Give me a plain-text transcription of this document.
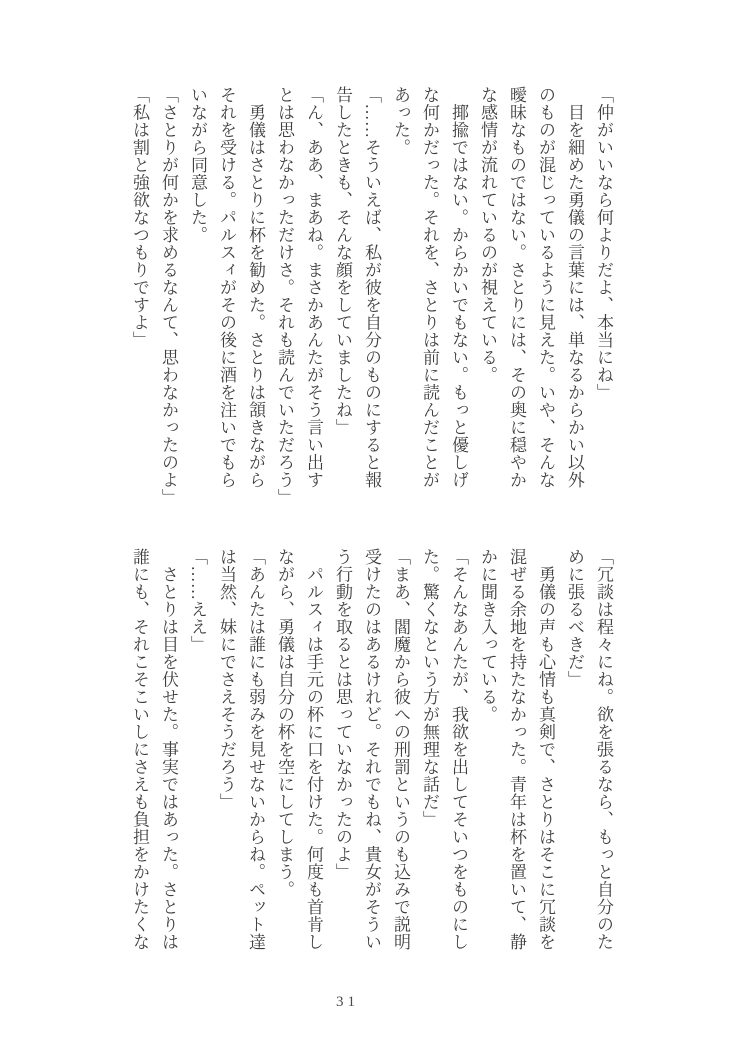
「仲がいいなら何よりだよ、本当にね」
　目を細めた勇儀の言葉には、単なるからかい以外
のものが混じっているように見えた。いや、そんな
曖昧なものではない。さとりには、その奥に穏やか
な感情が流れているのが視えている。
　揶揄ではない。からかいでもない。もっと優しげ
な何かだった。それを、さとりは前に読んだことが
あった。
「……そういえば、私が彼を自分のものにすると報
告したときも、そんな顔をしていましたね」
「ん、ああ、まあね。まさかあんたがそう言い出す
とは思わなかっただけさ。それも読んでいただろう」
　勇儀はさとりに杯を勧めた。さとりは頷きながら
それを受ける。パルスィがその後に酒を注いでもら
いながら同意した。
「さとりが何かを求めるなんて、思わなかったのよ」
「私は割と強欲なつもりですよ」
「冗談は程々にね。欲を張るなら、もっと自分のた
めに張るべきだ」
　勇儀の声も心情も真剣で、さとりはそこに冗談を
混ぜる余地を持たなかった。青年は杯を置いて、静
かに聞き入っている。
「そんなあんたが、我欲を出してそいつをものにし
た。驚くなという方が無理な話だ」
「まあ、閻魔から彼への刑罰というのも込みで説明
受けたのはあるけれど。それでもね、貴女がそうい
う行動を取るとは思っていなかったのよ」
　パルスィは手元の杯に口を付けた。何度も首肯し
ながら、勇儀は自分の杯を空にしてしまう。
「あんたは誰にも弱みを見せないからね。ペット達
は当然、妹にでさえそうだろう」
「……ええ」
　さとりは目を伏せた。事実ではあった。さとりは
誰にも、それこそこいしにさえも負担をかけたくな
31
